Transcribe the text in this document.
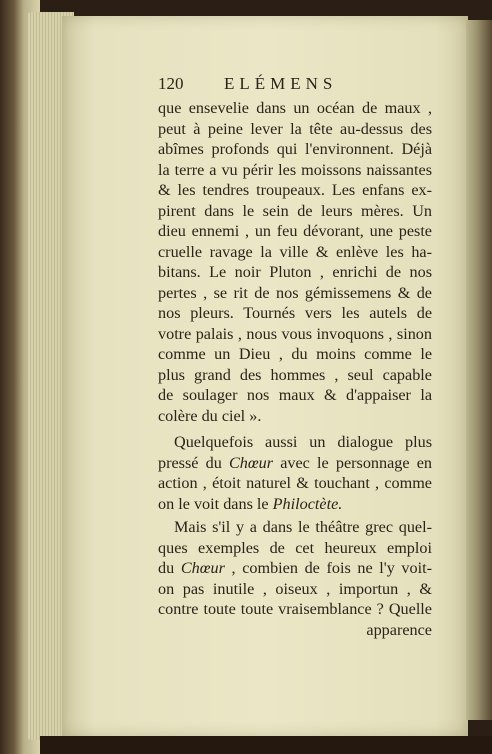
120 ELÉMENS
que ensevelie dans un océan de maux ,
peut à peine lever la tête au-dessus des
abîmes profonds qui l'environnent. Déjà
la terre a vu périr les moissons naissantes
& les tendres troupeaux. Les enfans ex-
pirent dans le sein de leurs mères. Un
dieu ennemi , un feu dévorant, une peste
cruelle ravage la ville & enlève les ha-
bitans. Le noir Pluton , enrichi de nos
pertes , se rit de nos gémissemens & de
nos pleurs. Tournés vers les autels de
votre palais , nous vous invoquons , sinon
comme un Dieu , du moins comme le
plus grand des hommes , seul capable
de soulager nos maux & d'appaiser la
colère du ciel ».
Quelquefois aussi un dialogue plus
pressé du Chœur avec le personnage en
action , étoit naturel & touchant , comme
on le voit dans le Philoctète.
Mais s'il y a dans le théâtre grec quel-
ques exemples de cet heureux emploi
du Chœur , combien de fois ne l'y voit-
on pas inutile , oiseux , importun , &
contre toute toute vraisemblance ? Quelle
apparence
